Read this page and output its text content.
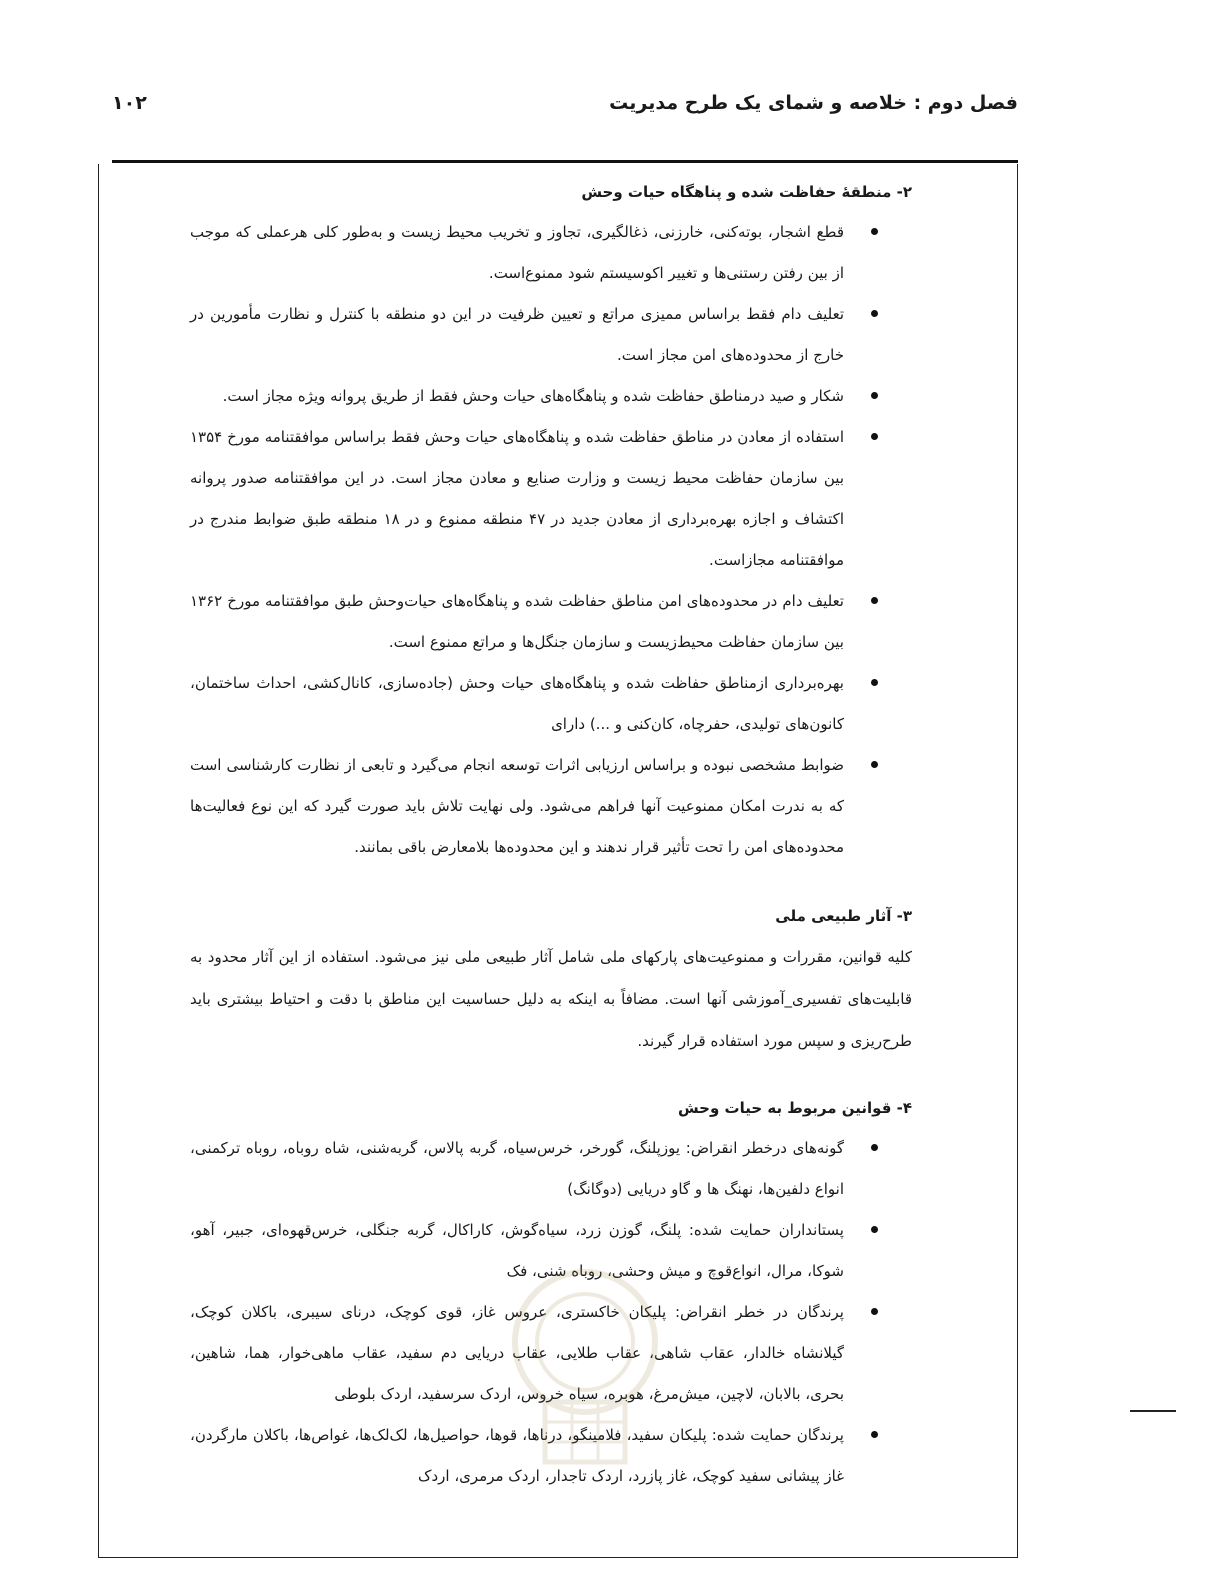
فصل دوم : خلاصه و شمای یک طرح مدیریت
۱۰۲
۲- منطقهٔ حفاظت شده و پناهگاه حیات وحش
قطع اشجار، بوته‌کنی، خارزنی، ذغالگیری، تجاوز و تخریب محیط زیست و به‌طور کلی هرعملی که موجب از بین رفتن رستنی‌ها و تغییر اکوسیستم شود ممنوع‌است.
تعلیف دام فقط براساس ممیزی مراتع و تعیین ظرفیت در این دو منطقه با کنترل و نظارت مأمورین در خارج از محدوده‌های امن مجاز است.
شکار و صید درمناطق حفاظت شده و پناهگاه‌های حیات وحش فقط از طریق پروانه ویژه مجاز است.
استفاده از معادن در مناطق حفاظت شده و پناهگاه‌های حیات وحش فقط براساس موافقتنامه مورخ ۱۳۵۴ بین سازمان حفاظت محیط زیست و وزارت صنایع و معادن مجاز است. در این موافقتنامه صدور پروانه اکتشاف و اجازه بهره‌برداری از معادن جدید در ۴۷ منطقه ممنوع و در ۱۸ منطقه طبق ضوابط مندرج در موافقتنامه مجازاست.
تعلیف دام در محدوده‌های امن مناطق حفاظت شده و پناهگاه‌های حیات‌وحش طبق موافقتنامه مورخ ۱۳۶۲ بین سازمان حفاظت محیط‌زیست و سازمان جنگل‌ها و مراتع ممنوع است.
بهره‌برداری ازمناطق حفاظت شده و پناهگاه‌های حیات وحش (جاده‌سازی، کانال‌کشی، احداث ساختمان، کانون‌های تولیدی، حفرچاه، کان‌کنی و ...) دارای
ضوابط مشخصی نبوده و براساس ارزیابی اثرات توسعه انجام می‌گیرد و تابعی از نظارت کارشناسی است که به ندرت امکان ممنوعیت آنها فراهم می‌شود. ولی نهایت تلاش باید صورت گیرد که این نوع فعالیت‌ها محدوده‌های امن را تحت تأثیر قرار ندهند و این محدوده‌ها بلامعارض باقی بمانند.
۳- آثار طبیعی ملی

کلیه قوانین، مقررات و ممنوعیت‌های پارکهای ملی شامل آثار طبیعی ملی نیز می‌شود. استفاده از این آثار محدود به قابلیت‌های تفسیری_آموزشی آنها است. مضافاً به اینکه به دلیل حساسیت این مناطق با دقت و احتیاط بیشتری باید طرح‌ریزی و سپس مورد استفاده قرار گیرند.

۴- قوانین مربوط به حیات وحش
گونه‌های درخطر انقراض: یوزپلنگ، گورخر، خرس‌سیاه، گربه پالاس، گربه‌شنی، شاه روباه، روباه ترکمنی، انواع دلفین‌ها، نهنگ ها و گاو دریایی (دوگانگ)
پستانداران حمایت شده: پلنگ، گوزن زرد، سیاه‌گوش، کاراکال، گربه جنگلی، خرس‌قهوه‌ای، جبیر، آهو، شوکا، مرال، انواع‌قوچ و میش وحشی، روباه شنی، فک
پرندگان در خطر انقراض: پلیکان خاکستری، عروس غاز، قوی کوچک، درنای سیبری، باکلان کوچک، گیلانشاه خالدار، عقاب شاهی، عقاب طلایی، عقاب دریایی دم سفید، عقاب ماهی‌خوار، هما، شاهین، بحری، بالابان، لاچین، میش‌مرغ، هوبره، سیاه خروس، اردک سرسفید، اردک بلوطی
پرندگان حمایت شده: پلیکان سفید، فلامینگو، درناها، قوها، حواصیل‌ها، لک‌لک‌ها، غواص‌ها، باکلان مارگردن، غاز پیشانی سفید کوچک، غاز پازرد، اردک تاجدار، اردک مرمری، اردک
